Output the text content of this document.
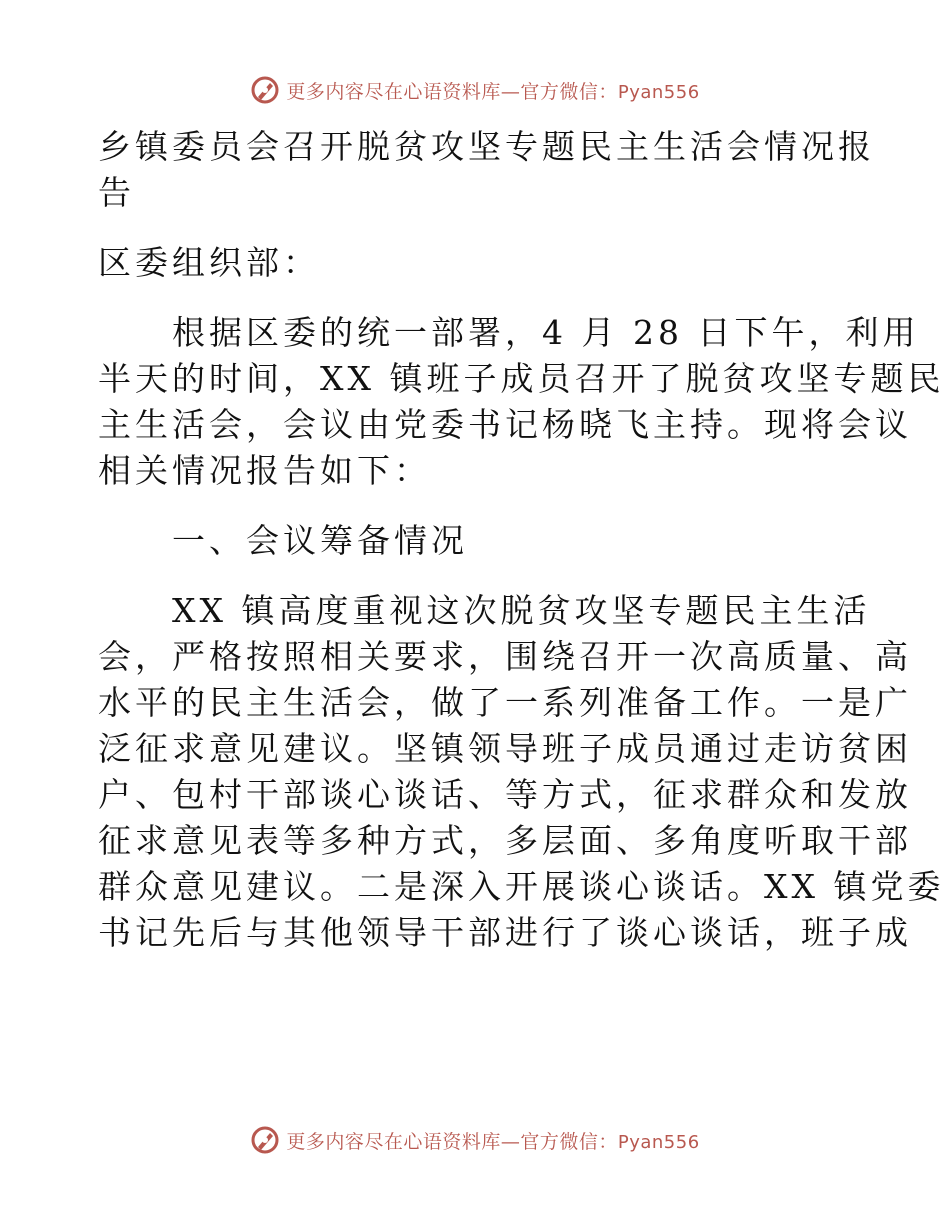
更多内容尽在心语资料库—官方微信：Pyan556
乡镇委员会召开脱贫攻坚专题民主生活会情况报
告
区委组织部：
　　根据区委的统一部署，4 月 28 日下午，利用
半天的时间，XX 镇班子成员召开了脱贫攻坚专题民
主生活会，会议由党委书记杨晓飞主持。现将会议
相关情况报告如下：
　　一、会议筹备情况
　　XX 镇高度重视这次脱贫攻坚专题民主生活
会，严格按照相关要求，围绕召开一次高质量、高
水平的民主生活会，做了一系列准备工作。一是广
泛征求意见建议。坚镇领导班子成员通过走访贫困
户、包村干部谈心谈话、等方式，征求群众和发放
征求意见表等多种方式，多层面、多角度听取干部
群众意见建议。二是深入开展谈心谈话。XX 镇党委
书记先后与其他领导干部进行了谈心谈话，班子成
更多内容尽在心语资料库—官方微信：Pyan556
